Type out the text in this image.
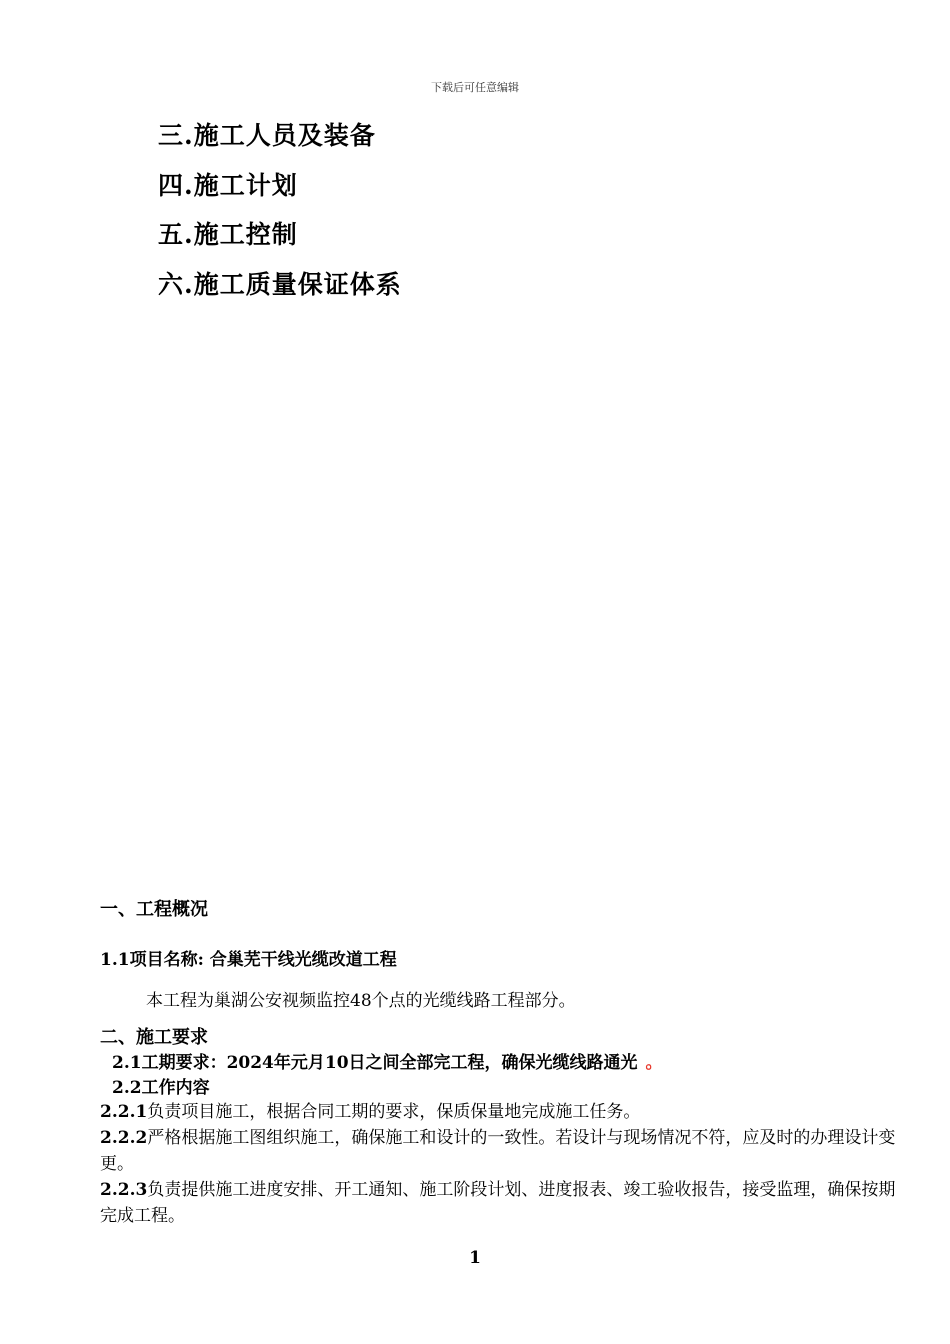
下载后可任意编辑
三.施工人员及装备
四.施工计划
五.施工控制
六.施工质量保证体系
一、工程概况
1.1项目名称: 合巢芜干线光缆改道工程
本工程为巢湖公安视频监控48个点的光缆线路工程部分。
二、施工要求
2.1工期要求：2024年元月10日之间全部完工程，确保光缆线路通光 。
2.2工作内容
2.2.1负责项目施工，根据合同工期的要求，保质保量地完成施工任务。
2.2.2严格根据施工图组织施工，确保施工和设计的一致性。若设计与现场情况不符，应及时的办理设计变更。
2.2.3负责提供施工进度安排、开工通知、施工阶段计划、进度报表、竣工验收报告，接受监理，确保按期完成工程。
1
